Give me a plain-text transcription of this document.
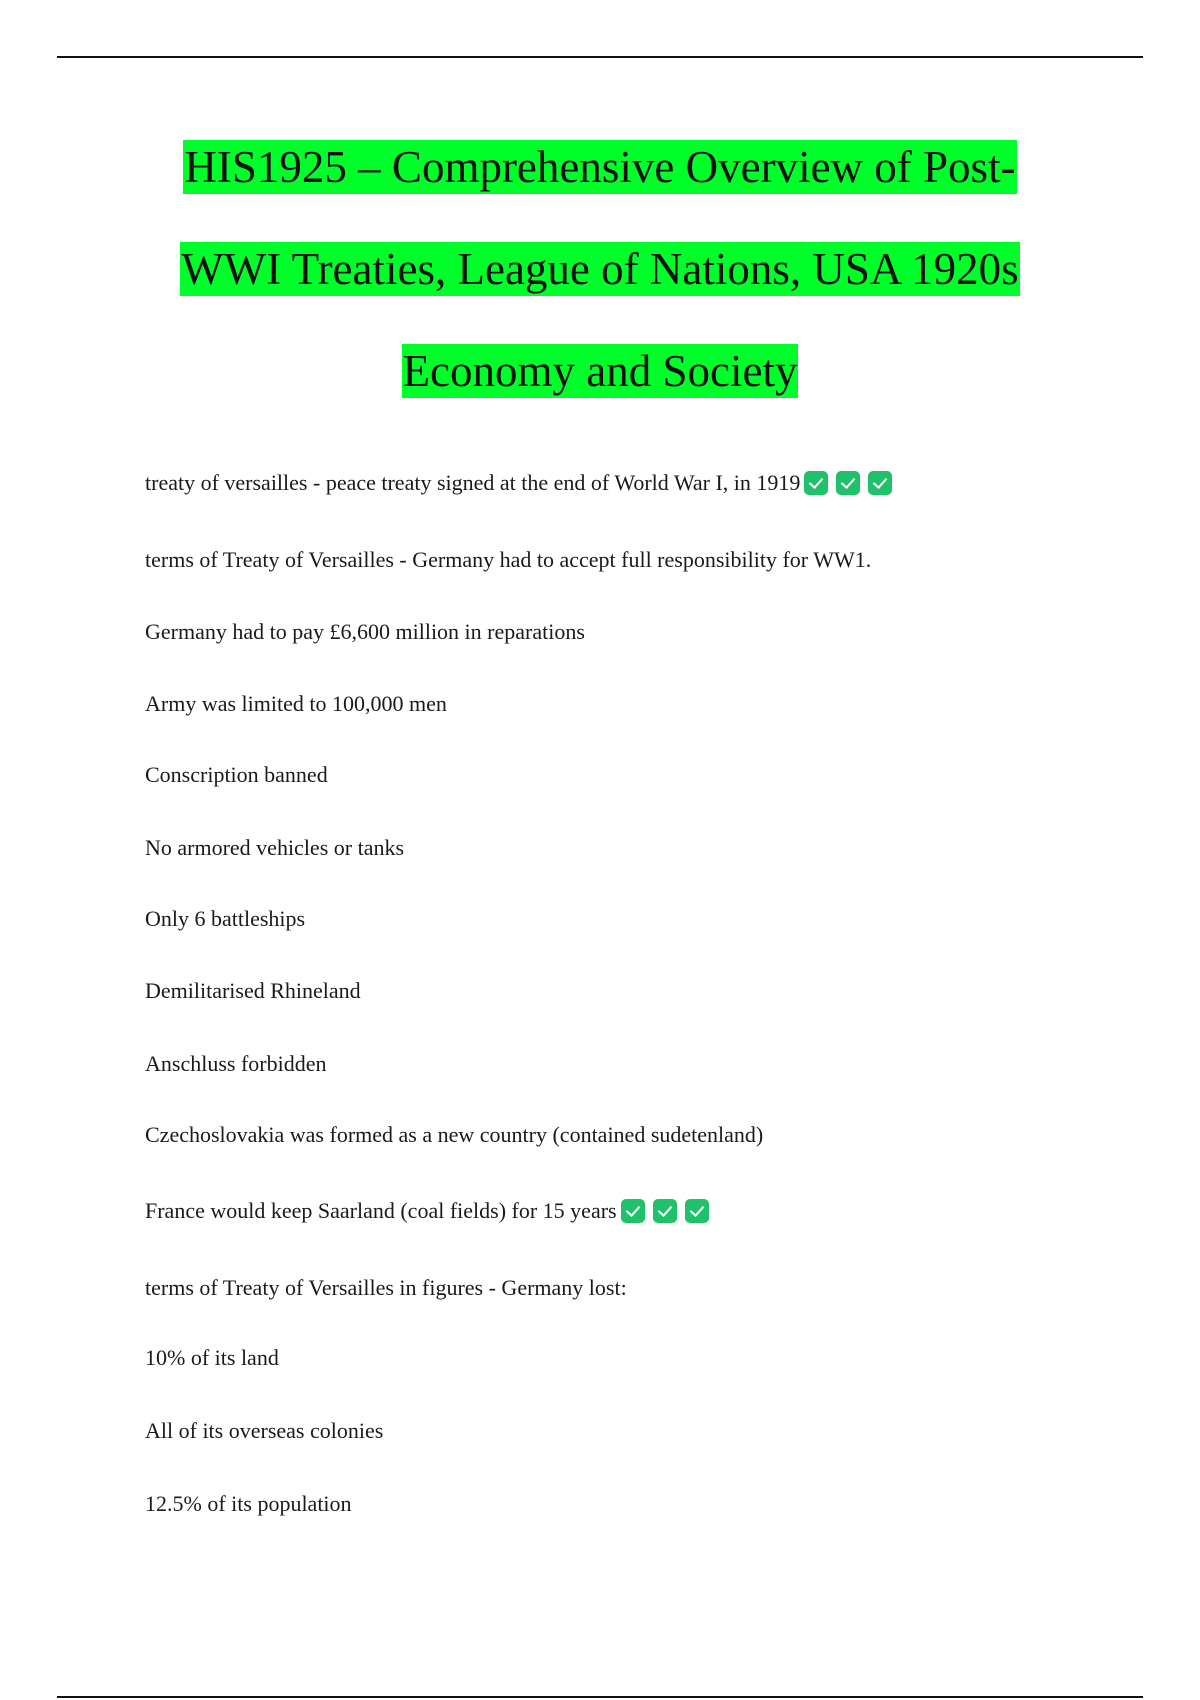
HIS1925 – Comprehensive Overview of Post-
WWI Treaties, League of Nations, USA 1920s
Economy and Society
treaty of versailles - peace treaty signed at the end of World War I, in 1919
terms of Treaty of Versailles - Germany had to accept full responsibility for WW1.
Germany had to pay £6,600 million in reparations
Army was limited to 100,000 men
Conscription banned
No armored vehicles or tanks
Only 6 battleships
Demilitarised Rhineland
Anschluss forbidden
Czechoslovakia was formed as a new country (contained sudetenland)
France would keep Saarland (coal fields) for 15 years
terms of Treaty of Versailles in figures - Germany lost:
10% of its land
All of its overseas colonies
12.5% of its population
